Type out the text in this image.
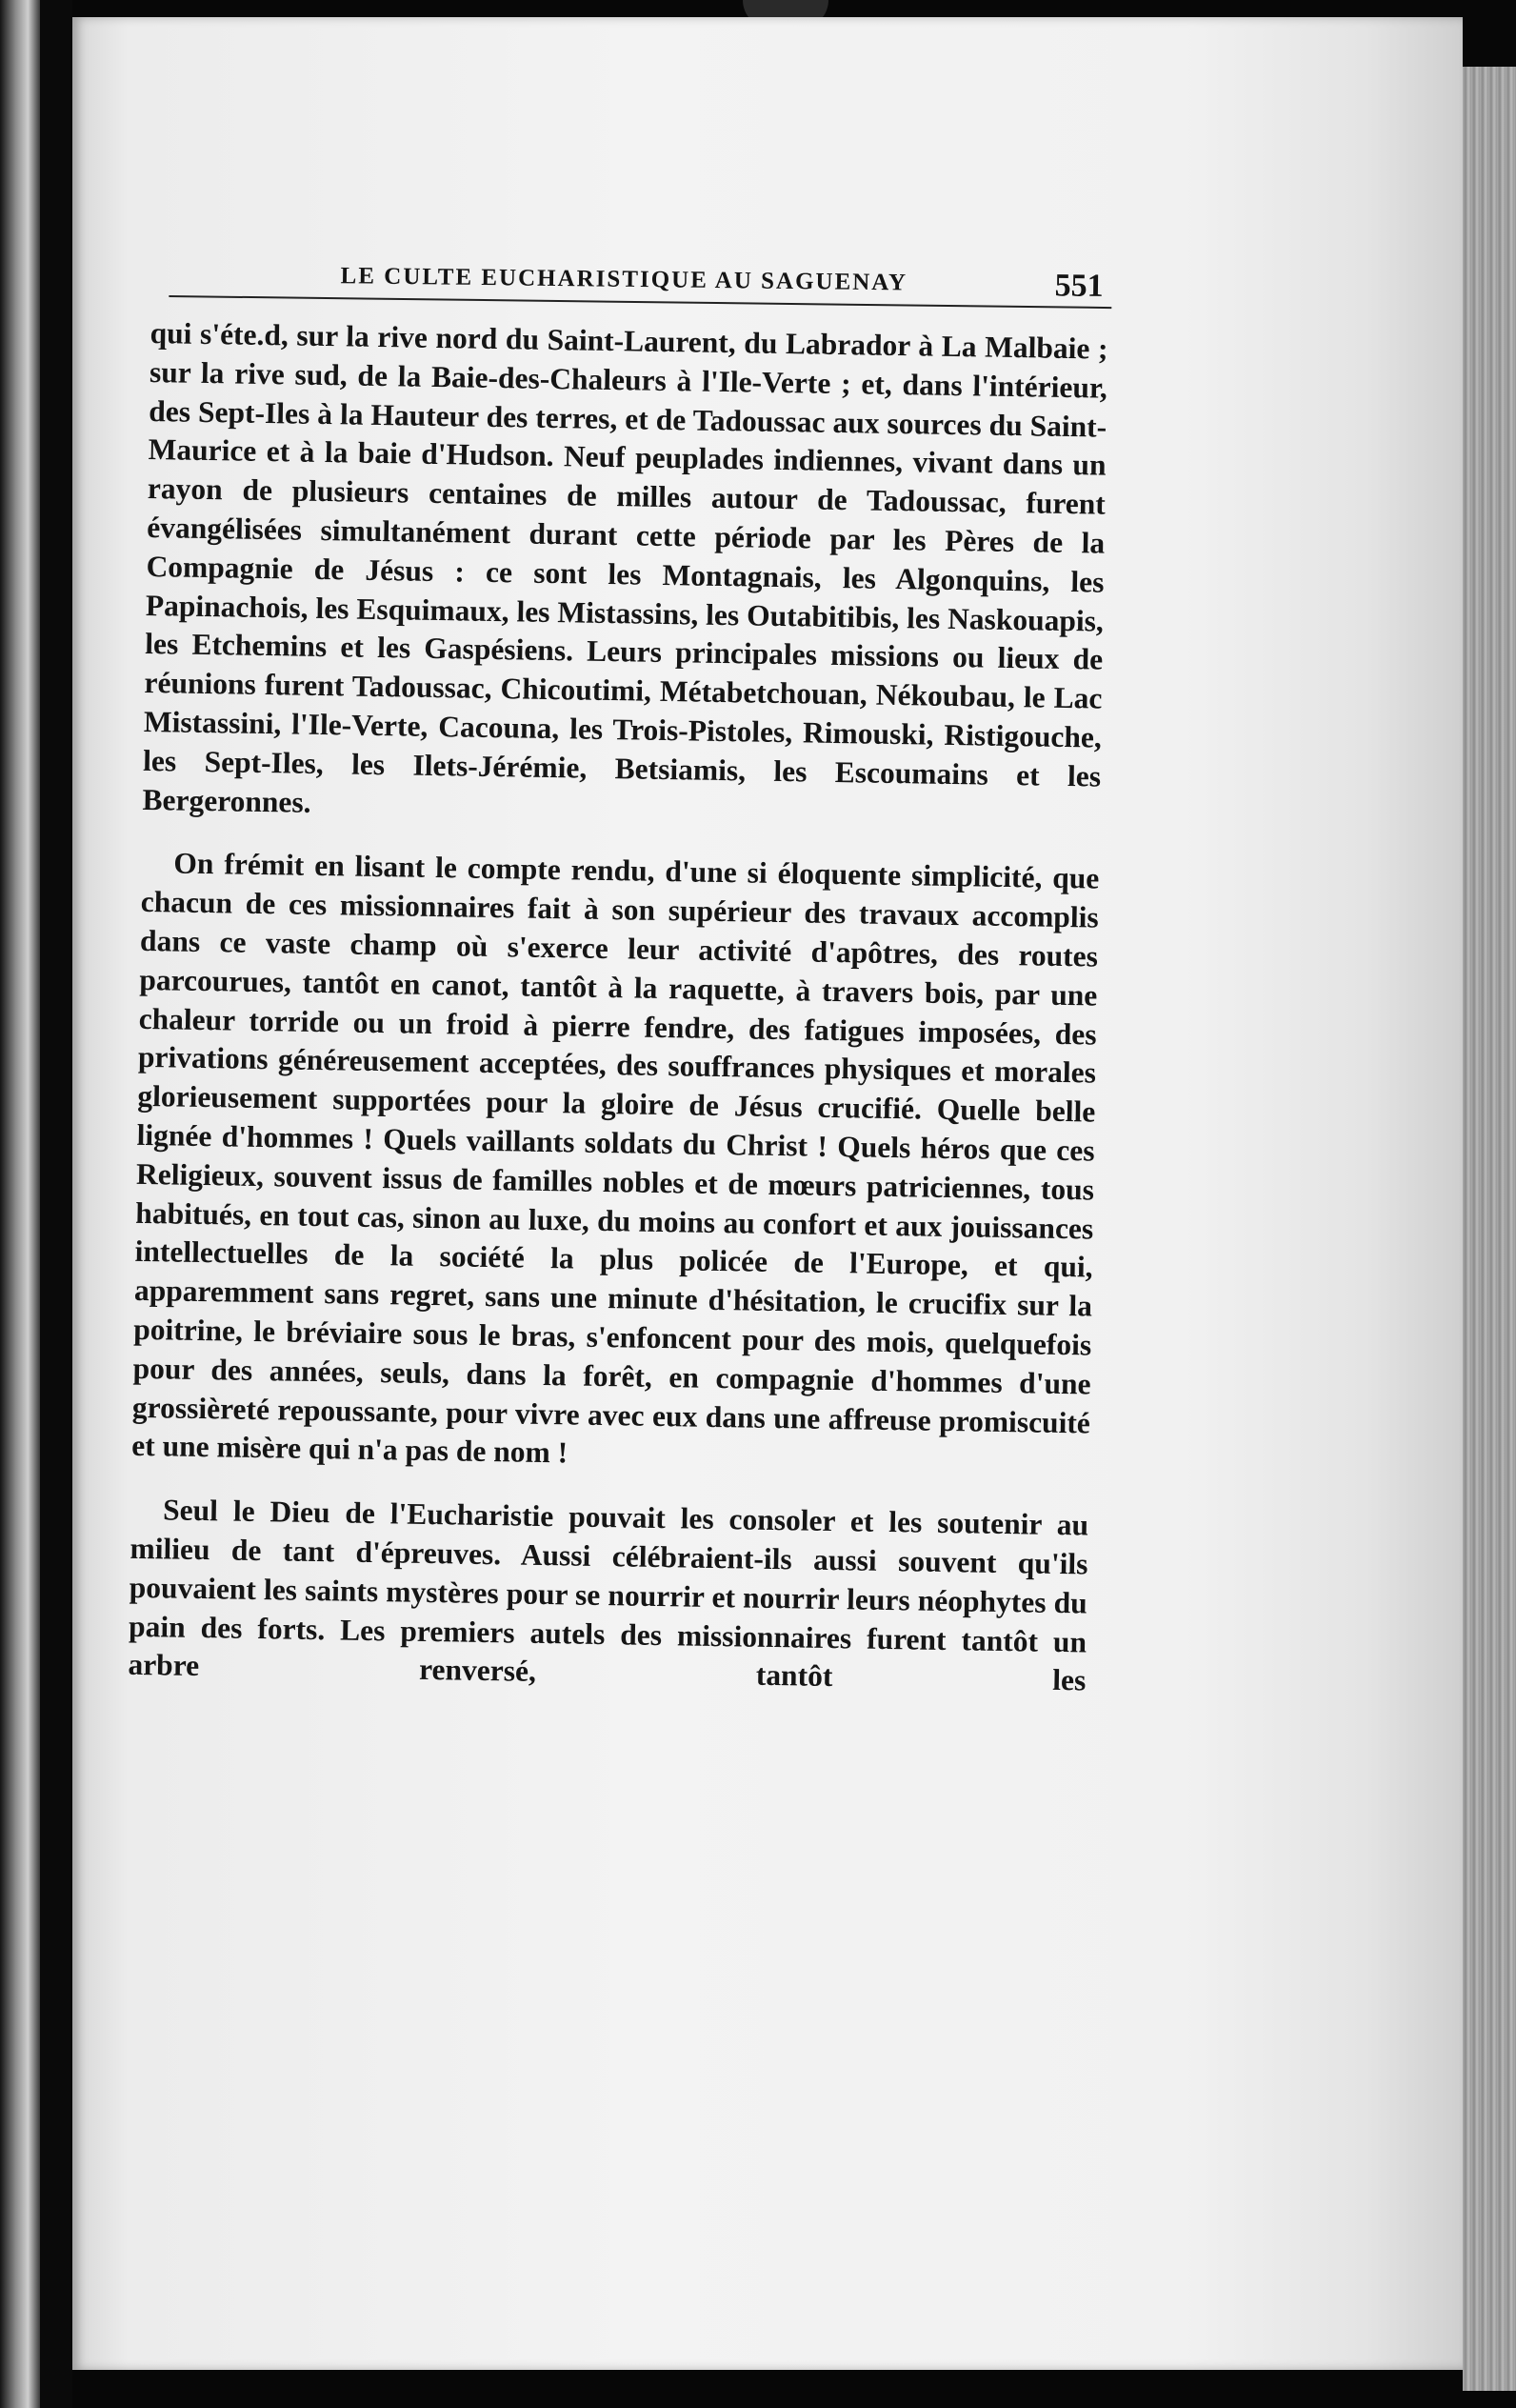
LE CULTE EUCHARISTIQUE AU SAGUENAY	551

qui s'éte.d, sur la rive nord du Saint-Laurent, du Labrador à La Malbaie ; sur la rive sud, de la Baie-des-Chaleurs à l'Ile-Verte ; et, dans l'intérieur, des Sept-Iles à la Hauteur des terres, et de Tadoussac aux sources du Saint-Maurice et à la baie d'Hudson. Neuf peuplades indiennes, vivant dans un rayon de plusieurs centaines de milles autour de Tadoussac, furent évangélisées simultanément durant cette période par les Pères de la Compagnie de Jésus : ce sont les Montagnais, les Algonquins, les Papinachois, les Esquimaux, les Mistassins, les Outabitibis, les Naskouapis, les Etchemins et les Gaspésiens. Leurs principales missions ou lieux de réunions furent Tadoussac, Chicoutimi, Métabetchouan, Nékoubau, le Lac Mistassini, l'Ile-Verte, Cacouna, les Trois-Pistoles, Rimouski, Ristigouche, les Sept-Iles, les Ilets-Jérémie, Betsiamis, les Escoumains et les Bergeronnes.

On frémit en lisant le compte rendu, d'une si éloquente simplicité, que chacun de ces missionnaires fait à son supérieur des travaux accomplis dans ce vaste champ où s'exerce leur activité d'apôtres, des routes parcourues, tantôt en canot, tantôt à la raquette, à travers bois, par une chaleur torride ou un froid à pierre fendre, des fatigues imposées, des privations généreusement acceptées, des souffrances physiques et morales glorieusement supportées pour la gloire de Jésus crucifié. Quelle belle lignée d'hommes ! Quels vaillants soldats du Christ ! Quels héros que ces Religieux, souvent issus de familles nobles et de mœurs patriciennes, tous habitués, en tout cas, sinon au luxe, du moins au confort et aux jouissances intellectuelles de la société la plus policée de l'Europe, et qui, apparemment sans regret, sans une minute d'hésitation, le crucifix sur la poitrine, le bréviaire sous le bras, s'enfoncent pour des mois, quelquefois pour des années, seuls, dans la forêt, en compagnie d'hommes d'une grossièreté repoussante, pour vivre avec eux dans une affreuse promiscuité et une misère qui n'a pas de nom !

Seul le Dieu de l'Eucharistie pouvait les consoler et les soutenir au milieu de tant d'épreuves. Aussi célébraient-ils aussi souvent qu'ils pouvaient les saints mystères pour se nourrir et nourrir leurs néophytes du pain des forts. Les premiers autels des missionnaires furent tantôt un arbre renversé, tantôt les
